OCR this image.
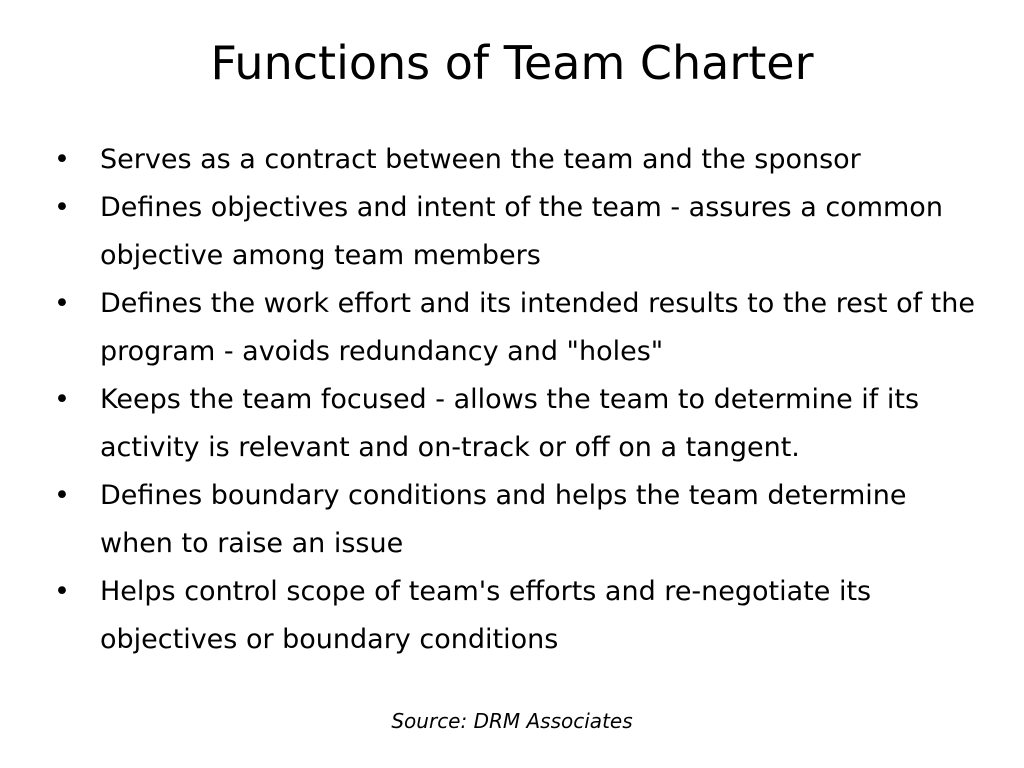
Functions of Team Charter
• Serves as a contract between the team and the sponsor
• Defines objectives and intent of the team - assures a common objective among team members
• Defines the work effort and its intended results to the rest of the program - avoids redundancy and "holes"
• Keeps the team focused - allows the team to determine if its activity is relevant and on-track or off on a tangent.
• Defines boundary conditions and helps the team determine when to raise an issue
• Helps control scope of team's efforts and re-negotiate its objectives or boundary conditions
Source: DRM Associates
